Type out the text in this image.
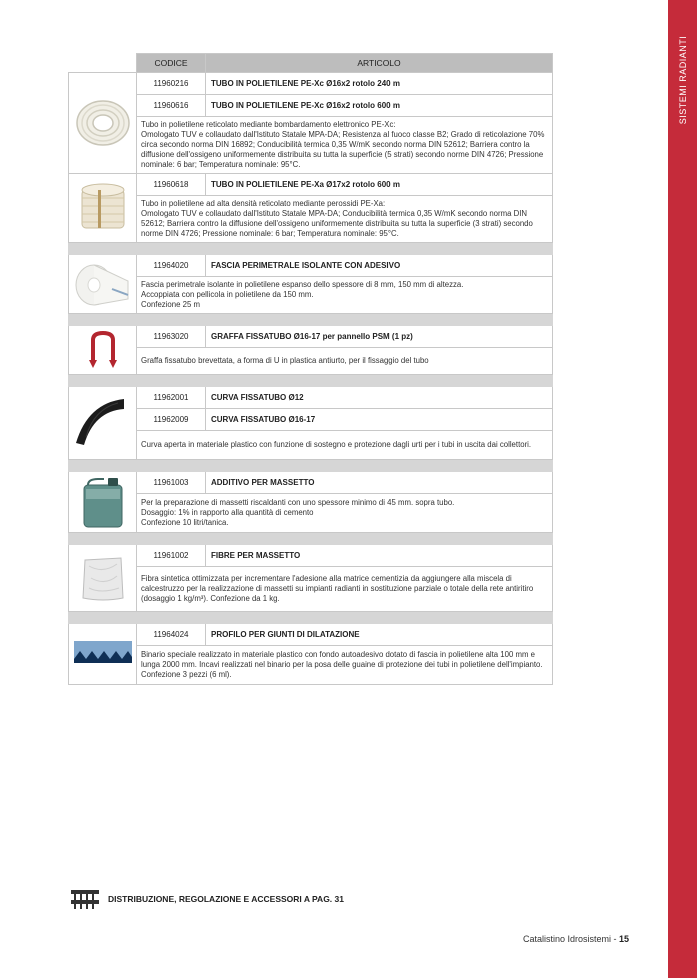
SISTEMI RADIANTI
	CODICE	ARTICOLO

	11960216	TUBO IN POLIETILENE PE-Xc Ø16x2 rotolo 240 m
	11960616	TUBO IN POLIETILENE PE-Xc Ø16x2 rotolo 600 m
	Tubo in polietilene reticolato mediante bombardamento elettronico PE-Xc:
Omologato TUV e collaudato dall'Istituto Statale MPA-DA; Resistenza al fuoco classe B2; Grado di reticolazione 70% circa secondo norma DIN 16892; Conducibilità termica 0,35 W/mK secondo norma DIN 52612; Barriera contro la diffusione dell'ossigeno uniformemente distribuita su tutta la superficie (5 strati) secondo norme DIN 4726; Pressione nominale: 6 bar; Temperatura nominale: 95°C.	

	11960618	TUBO IN POLIETILENE PE-Xa Ø17x2 rotolo 600 m
	Tubo in polietilene ad alta densità reticolato mediante perossidi PE-Xa:
Omologato TUV e collaudato dall'Istituto Statale MPA-DA; Conducibilità termica 0,35 W/mK secondo norma DIN 52612; Barriera contro la diffusione dell'ossigeno uniformemente distribuita su tutta la superficie (3 strati) secondo norme DIN 4726; Pressione nominale: 6 bar; Temperatura nominale: 95°C.	

	11964020	FASCIA PERIMETRALE ISOLANTE CON ADESIVO
	Fascia perimetrale isolante in polietilene espanso dello spessore di 8 mm, 150 mm di altezza.
Accoppiata con pellicola in polietilene da 150 mm.
Confezione 25 m	

	11963020	GRAFFA FISSATUBO Ø16-17 per pannello PSM (1 pz)
	Graffa fissatubo brevettata, a forma di U in plastica antiurto, per il fissaggio del tubo	

	11962001	CURVA FISSATUBO Ø12
	11962009	CURVA FISSATUBO Ø16-17
	Curva aperta in materiale plastico con funzione di sostegno e protezione dagli urti per i tubi in uscita dai collettori.	

	11961003	ADDITIVO PER MASSETTO
	Per la preparazione di massetti riscaldanti con uno spessore minimo di 45 mm. sopra tubo.
Dosaggio: 1% in rapporto alla quantità di cemento
Confezione 10 litri/tanica.	

	11961002	FIBRE PER MASSETTO
	Fibra sintetica ottimizzata per incrementare l'adesione alla matrice cementizia da aggiungere alla miscela di calcestruzzo per la realizzazione di massetti su impianti radianti in sostituzione parziale o totale della rete antiritiro (dosaggio 1 kg/m³). Confezione da 1 kg.	

	11964024	PROFILO PER GIUNTI DI DILATAZIONE
	Binario speciale realizzato in materiale plastico con fondo autoadesivo dotato di fascia in polietilene alta 100 mm e lunga 2000 mm. Incavi realizzati nel binario per la posa delle guaine di protezione dei tubi in polietilene dell'impianto. Confezione 3 pezzi (6 ml).	
DISTRIBUZIONE, REGOLAZIONE E ACCESSORI A PAG. 31
Catalistino Idrosistemi - 15
